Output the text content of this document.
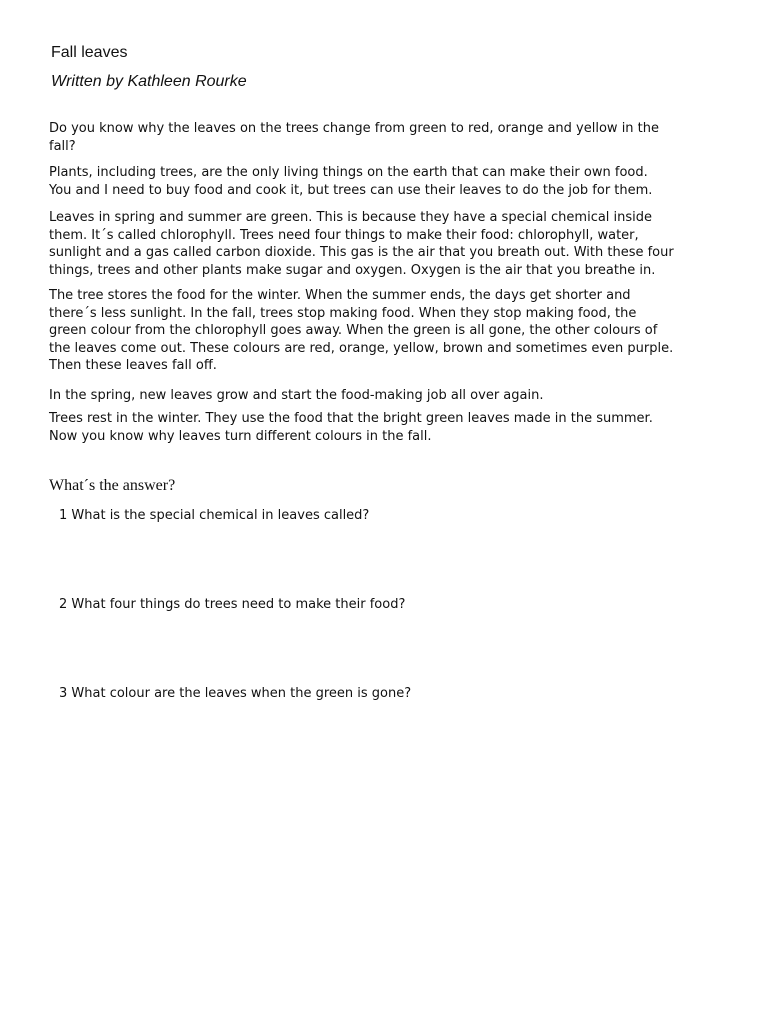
Fall leaves

Written by Kathleen Rourke

Do you know why the leaves on the trees change from green to red, orange and yellow in the
fall?

Plants, including trees, are the only living things on the earth that can make their own food.
You and I need to buy food and cook it, but trees can use their leaves to do the job for them.

Leaves in spring and summer are green. This is because they have a special chemical inside
them. It´s called chlorophyll. Trees need four things to make their food: chlorophyll, water,
sunlight and a gas called carbon dioxide. This gas is the air that you breath out. With these four
things, trees and other plants make sugar and oxygen. Oxygen is the air that you breathe in.

The tree stores the food for the winter. When the summer ends, the days get shorter and
there´s less sunlight. In the fall, trees stop making food. When they stop making food, the
green colour from the chlorophyll goes away. When the green is all gone, the other colours of
the leaves come out. These colours are red, orange, yellow, brown and sometimes even purple.
Then these leaves fall off.

In the spring, new leaves grow and start the food-making job all over again.

Trees rest in the winter. They use the food that the bright green leaves made in the summer.
Now you know why leaves turn different colours in the fall.

What´s the answer?

1 What is the special chemical in leaves called?

2 What four things do trees need to make their food?

3 What colour are the leaves when the green is gone?
